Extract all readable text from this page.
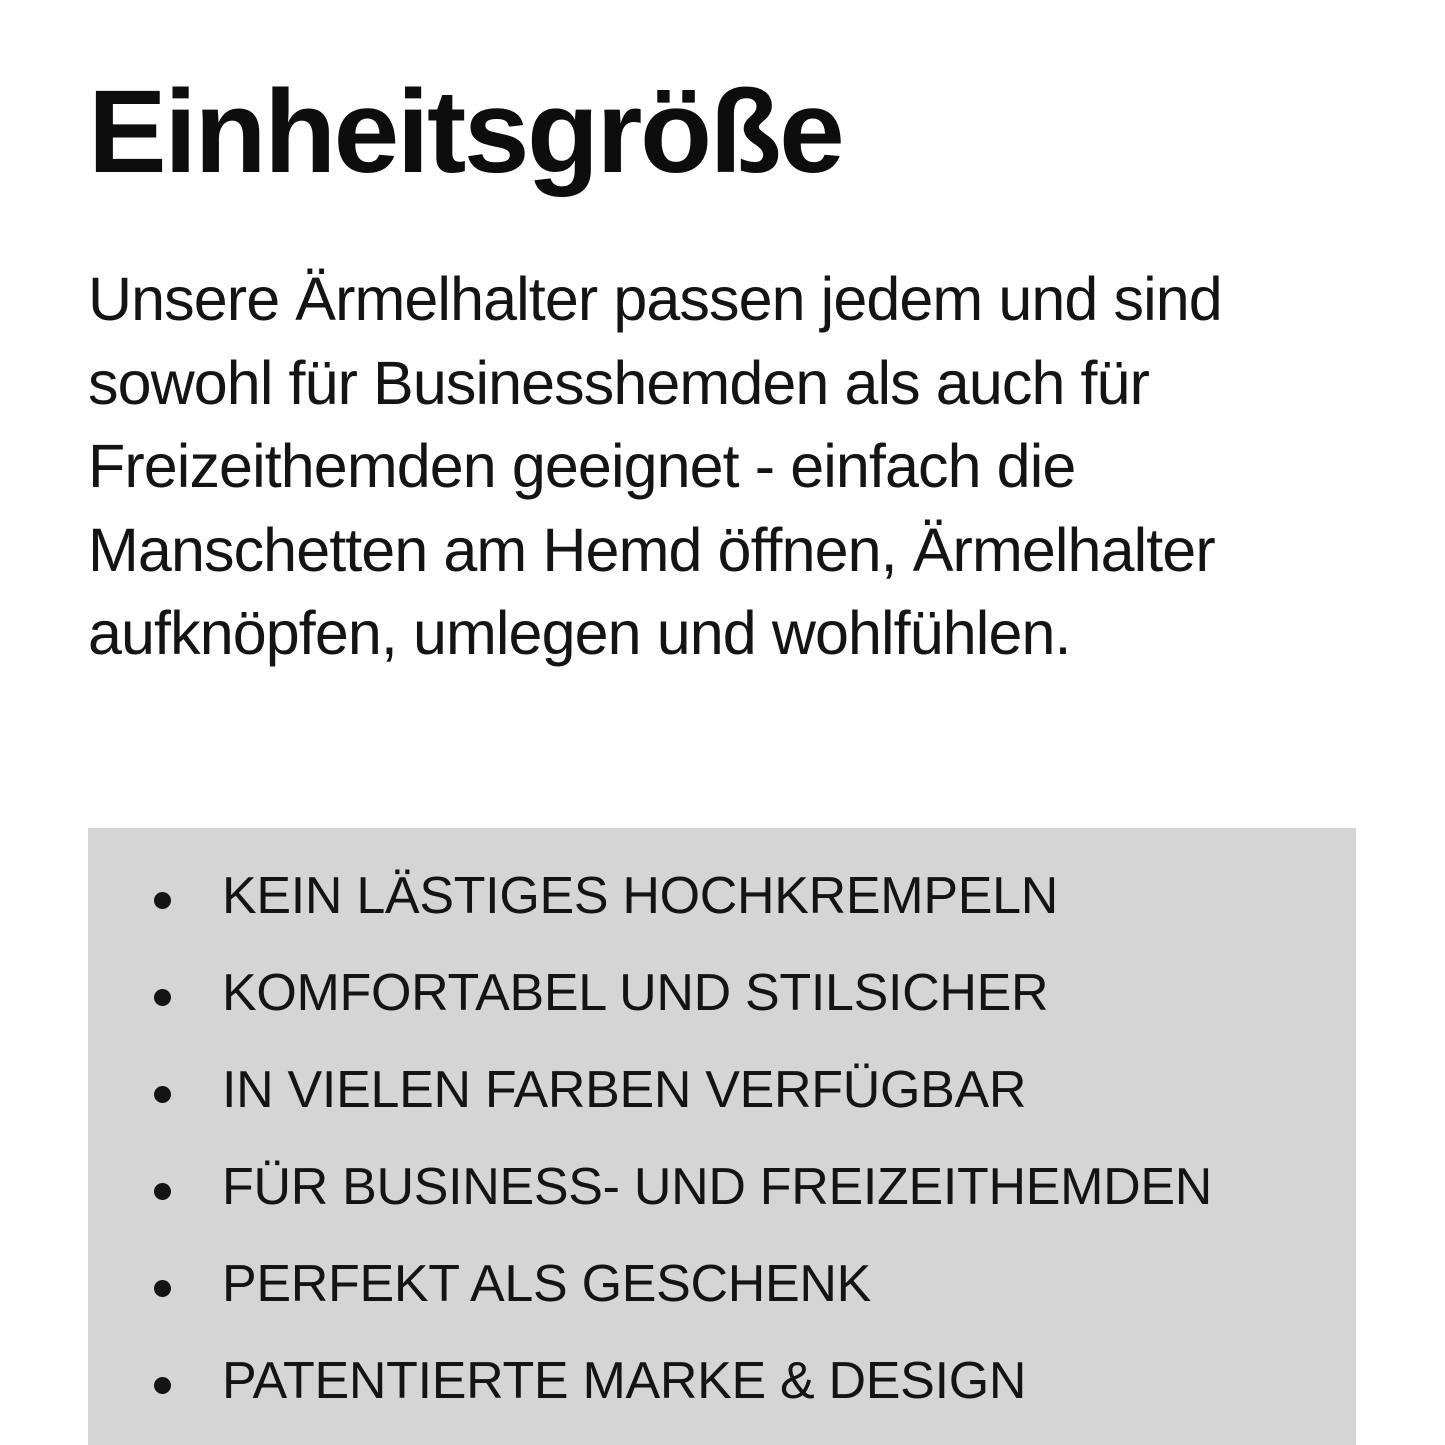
Einheitsgröße

Unsere Ärmelhalter passen jedem und sind sowohl für Businesshemden als auch für Freizeithemden geeignet - einfach die Manschetten am Hemd öffnen, Ärmelhalter aufknöpfen, umlegen und wohlfühlen.

KEIN LÄSTIGES HOCHKREMPELN
KOMFORTABEL UND STILSICHER
IN VIELEN FARBEN VERFÜGBAR
FÜR BUSINESS- UND FREIZEITHEMDEN
PERFEKT ALS GESCHENK
PATENTIERTE MARKE & DESIGN
